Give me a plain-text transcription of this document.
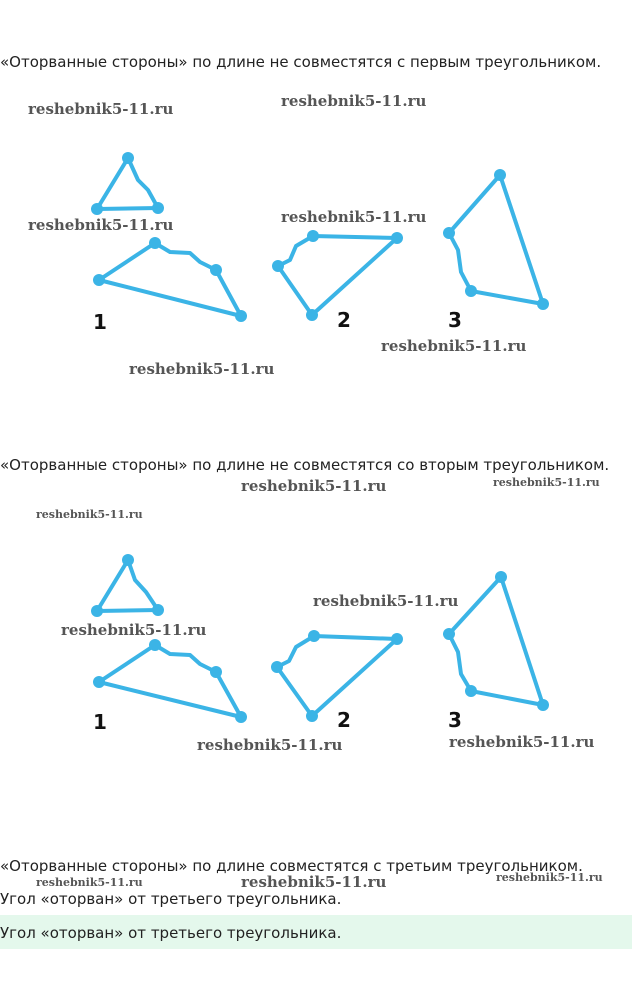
«Оторванные стороны» по длине не совместятся с первым треугольником.

1	2	3

«Оторванные стороны» по длине не совместятся со вторым треугольником.

1	2	3

«Оторванные стороны» по длине совместятся с третьим треугольником.

Угол «оторван» от третьего треугольника.

Угол «оторван» от третьего треугольника.

reshebnik5-11.ru	reshebnik5-11.ru
reshebnik5-11.ru	reshebnik5-11.ru
reshebnik5-11.ru
reshebnik5-11.ru
reshebnik5-11.ru	reshebnik5-11.ru
reshebnik5-11.ru
reshebnik5-11.ru
reshebnik5-11.ru
reshebnik5-11.ru	reshebnik5-11.ru
reshebnik5-11.ru
reshebnik5-11.ru	reshebnik5-11.ru
